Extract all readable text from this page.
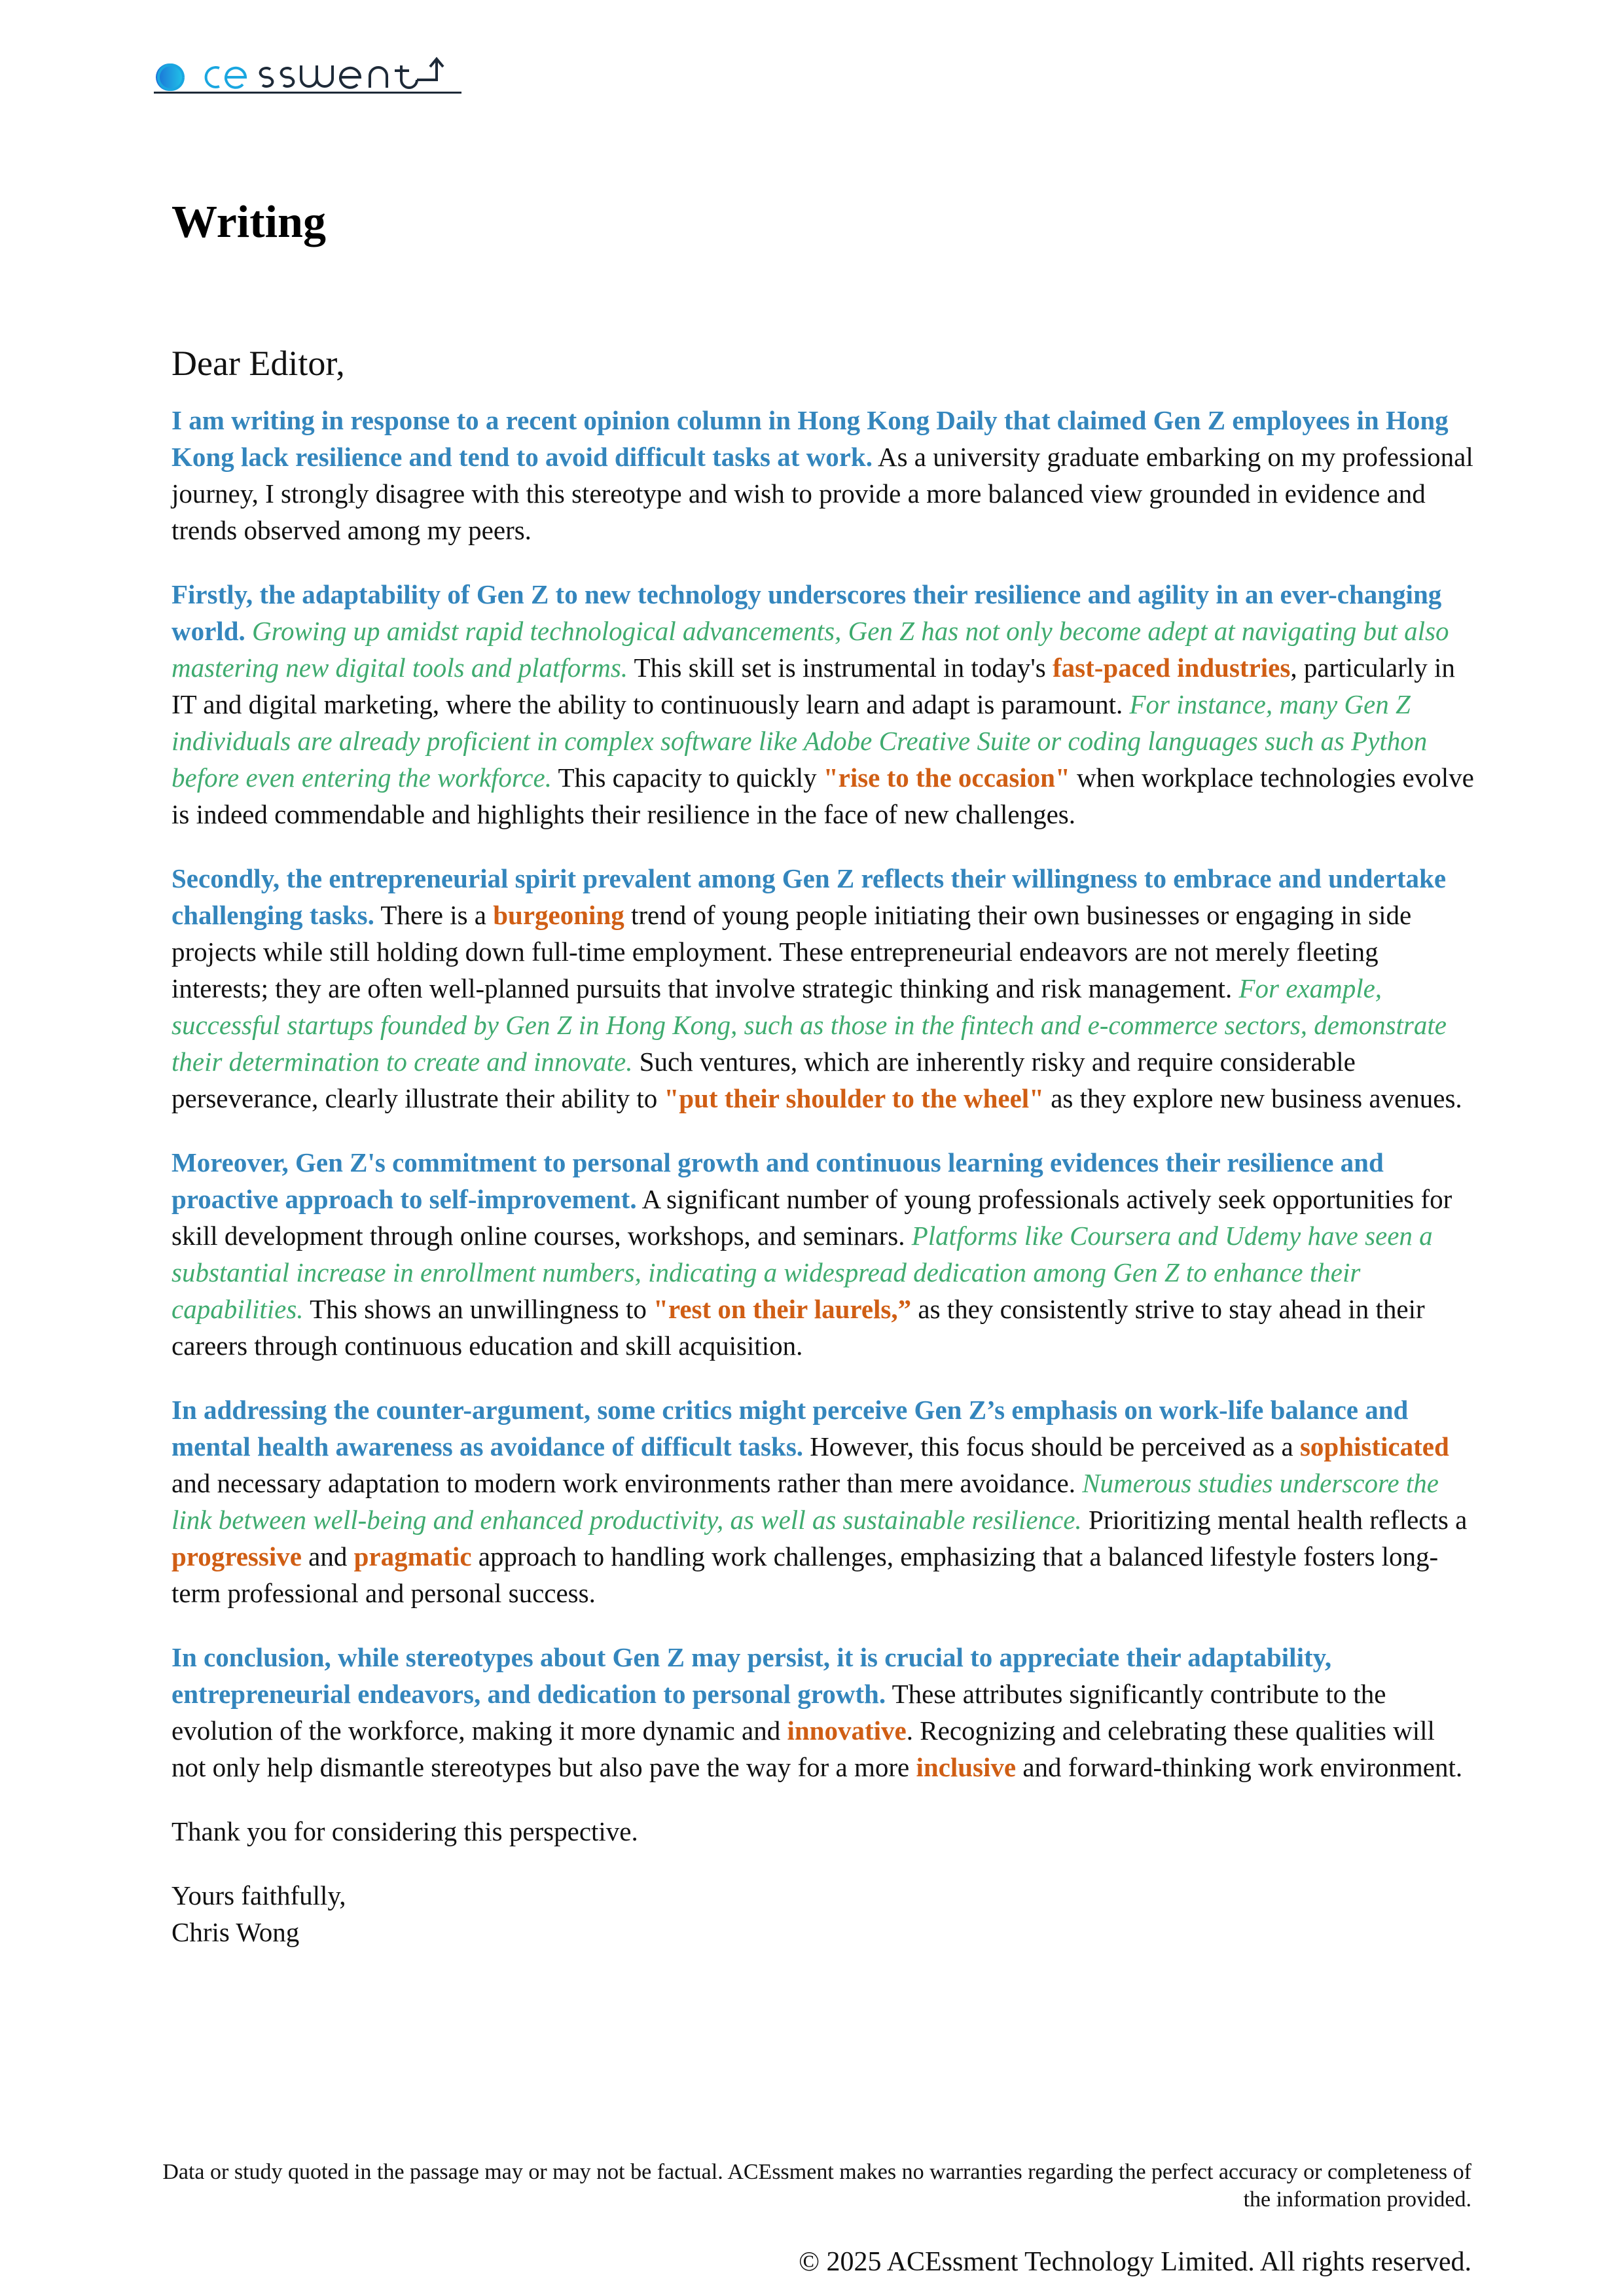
Writing

Dear Editor,

I am writing in response to a recent opinion column in Hong Kong Daily that claimed Gen Z employees in Hong Kong lack resilience and tend to avoid difficult tasks at work. As a university graduate embarking on my professional journey, I strongly disagree with this stereotype and wish to provide a more balanced view grounded in evidence and trends observed among my peers.

Firstly, the adaptability of Gen Z to new technology underscores their resilience and agility in an ever-changing world. Growing up amidst rapid technological advancements, Gen Z has not only become adept at navigating but also mastering new digital tools and platforms. This skill set is instrumental in today's fast-paced industries, particularly in IT and digital marketing, where the ability to continuously learn and adapt is paramount. For instance, many Gen Z individuals are already proficient in complex software like Adobe Creative Suite or coding languages such as Python before even entering the workforce. This capacity to quickly "rise to the occasion" when workplace technologies evolve is indeed commendable and highlights their resilience in the face of new challenges.

Secondly, the entrepreneurial spirit prevalent among Gen Z reflects their willingness to embrace and undertake challenging tasks. There is a burgeoning trend of young people initiating their own businesses or engaging in side projects while still holding down full-time employment. These entrepreneurial endeavors are not merely fleeting interests; they are often well-planned pursuits that involve strategic thinking and risk management. For example, successful startups founded by Gen Z in Hong Kong, such as those in the fintech and e-commerce sectors, demonstrate their determination to create and innovate. Such ventures, which are inherently risky and require considerable perseverance, clearly illustrate their ability to "put their shoulder to the wheel" as they explore new business avenues.

Moreover, Gen Z's commitment to personal growth and continuous learning evidences their resilience and proactive approach to self-improvement. A significant number of young professionals actively seek opportunities for skill development through online courses, workshops, and seminars. Platforms like Coursera and Udemy have seen a substantial increase in enrollment numbers, indicating a widespread dedication among Gen Z to enhance their capabilities. This shows an unwillingness to "rest on their laurels,” as they consistently strive to stay ahead in their careers through continuous education and skill acquisition.

In addressing the counter-argument, some critics might perceive Gen Z’s emphasis on work-life balance and mental health awareness as avoidance of difficult tasks. However, this focus should be perceived as a sophisticated and necessary adaptation to modern work environments rather than mere avoidance. Numerous studies underscore the link between well-being and enhanced productivity, as well as sustainable resilience. Prioritizing mental health reflects a progressive and pragmatic approach to handling work challenges, emphasizing that a balanced lifestyle fosters long-term professional and personal success.

In conclusion, while stereotypes about Gen Z may persist, it is crucial to appreciate their adaptability, entrepreneurial endeavors, and dedication to personal growth. These attributes significantly contribute to the evolution of the workforce, making it more dynamic and innovative. Recognizing and celebrating these qualities will not only help dismantle stereotypes but also pave the way for a more inclusive and forward-thinking work environment.

Thank you for considering this perspective.

Yours faithfully,
Chris Wong

Data or study quoted in the passage may or may not be factual. ACEssment makes no warranties regarding the perfect accuracy or completeness of the information provided.
© 2025 ACEssment Technology Limited. All rights reserved.
